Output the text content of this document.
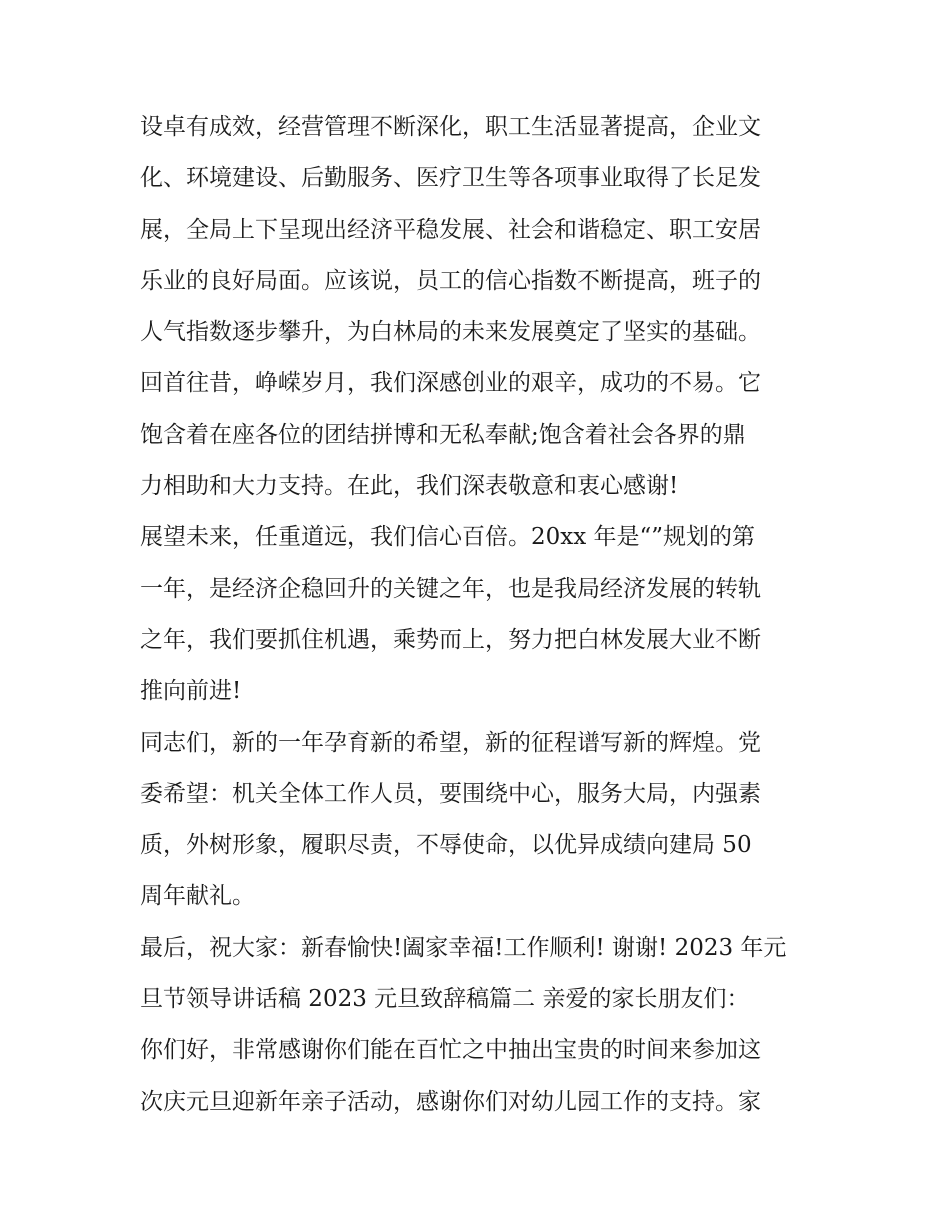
设卓有成效，经营管理不断深化，职工生活显著提高，企业文
化、环境建设、后勤服务、医疗卫生等各项事业取得了长足发
展，全局上下呈现出经济平稳发展、社会和谐稳定、职工安居
乐业的良好局面。应该说，员工的信心指数不断提高，班子的
人气指数逐步攀升，为白林局的未来发展奠定了坚实的基础。
回首往昔，峥嵘岁月，我们深感创业的艰辛，成功的不易。它
饱含着在座各位的团结拼博和无私奉献;饱含着社会各界的鼎
力相助和大力支持。在此，我们深表敬意和衷心感谢!
展望未来，任重道远，我们信心百倍。20xx 年是“”规划的第
一年，是经济企稳回升的关键之年，也是我局经济发展的转轨
之年，我们要抓住机遇，乘势而上，努力把白林发展大业不断
推向前进!
同志们，新的一年孕育新的希望，新的征程谱写新的辉煌。党
委希望：机关全体工作人员，要围绕中心，服务大局，内强素
质，外树形象，履职尽责，不辱使命，以优异成绩向建局 50
周年献礼。
最后，祝大家：新春愉快!阖家幸福!工作顺利! 谢谢! 2023 年元
旦节领导讲话稿 2023 元旦致辞稿篇二 亲爱的家长朋友们：
你们好，非常感谢你们能在百忙之中抽出宝贵的时间来参加这
次庆元旦迎新年亲子活动，感谢你们对幼儿园工作的支持。家
